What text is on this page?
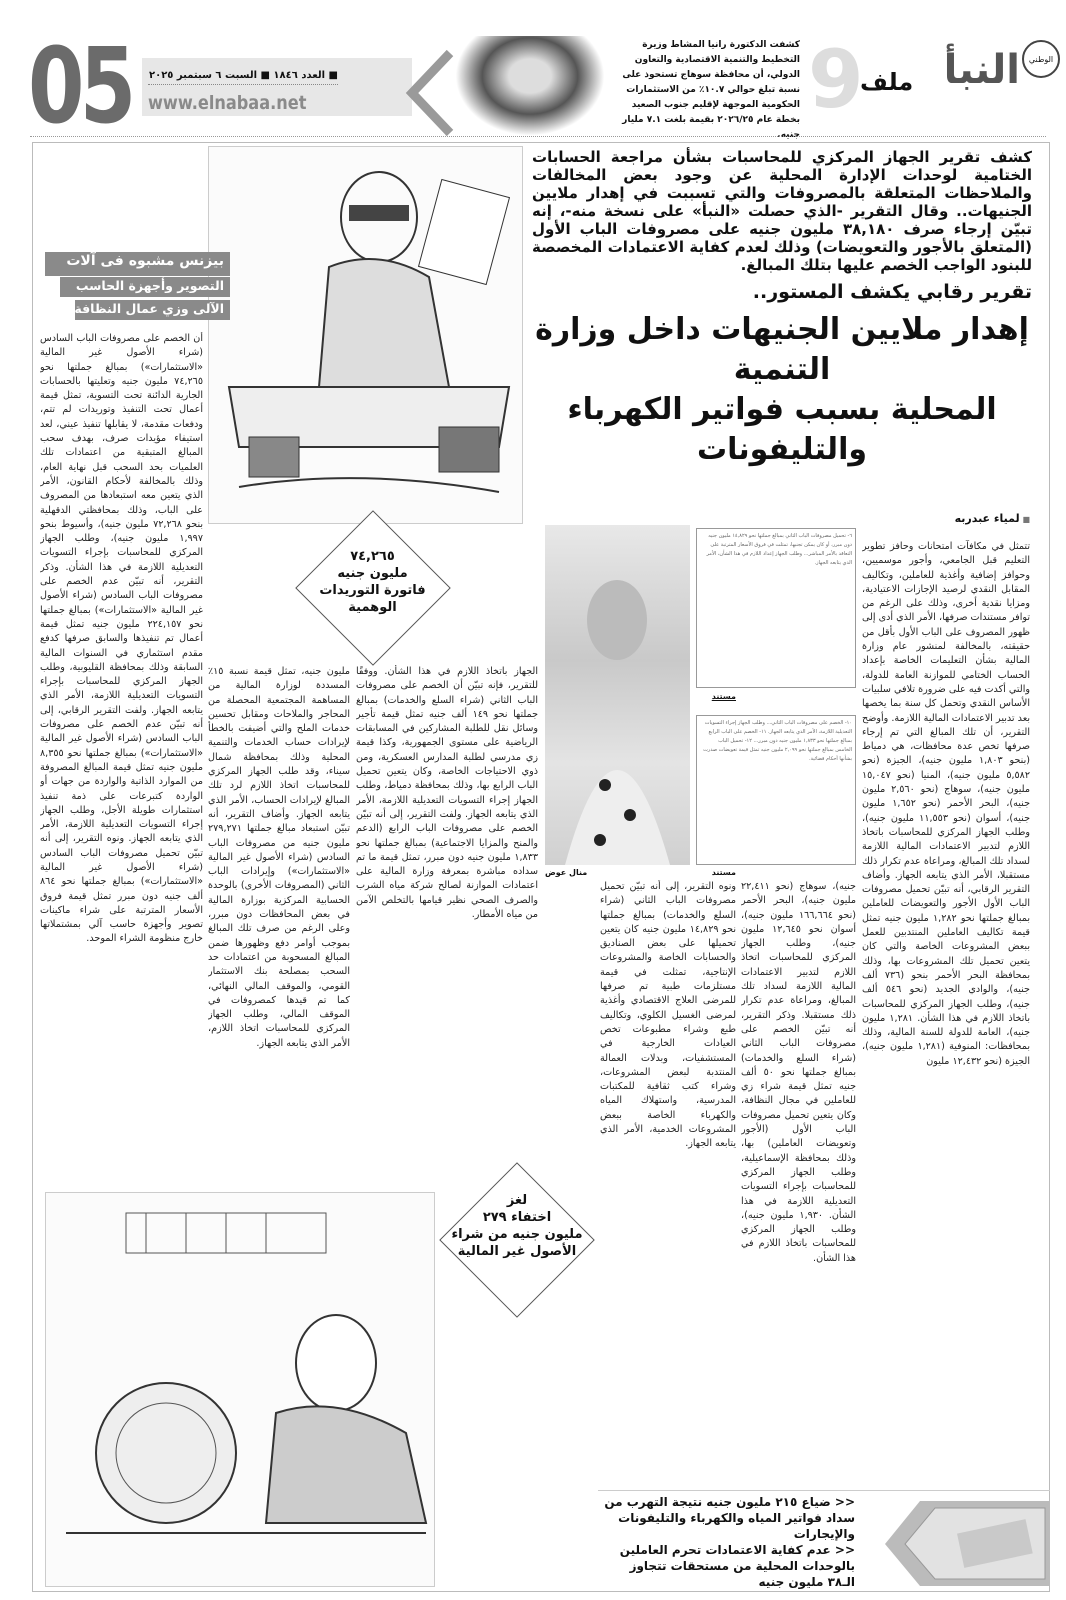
05 ■ العدد ١٨٤٦ ■ السبت ٦ سبتمبر ٢٠٢٥
www.elnabaa.net
كشفت الدكتورة رانيا المشاط وزيرة التخطيط والتنمية الاقتصادية والتعاون الدولي، أن محافظة سوهاج تستحوذ على نسبة تبلغ حوالي ١٠.٧٪ من الاستثمارات الحكومية الموجهة لإقليم جنوب الصعيد بخطة عام ٢٠٢٦/٢٥ بقيمة بلغت ٧.١ مليار جنيه.
9
ملف النبأ	الوطني
كشف تقرير الجهاز المركزي للمحاسبات بشأن مراجعة الحسابات الختامية لوحدات الإدارة المحلية عن وجود بعض المخالفات والملاحظات المتعلقة بالمصروفات والتي تسببت في إهدار ملايين الجنيهات.. وقال التقرير -الذي حصلت «النبأ» على نسخة منه-، إنه تبيّن إرجاء صرف ٣٨,١٨٠ مليون جنيه على مصروفات الباب الأول (المتعلق بالأجور والتعويضات) وذلك لعدم كفاية الاعتمادات المخصصة للبنود الواجب الخصم عليها بتلك المبالغ.
تقرير رقابي يكشف المستور..
إهدار ملايين الجنيهات داخل وزارة التنمية
المحلية بسبب فواتير الكهرباء والتليفونات
بيزنس مشبوه فى آلات
التصوير وأجهزة الحاسب
الآلى وزي عمال النظافة
■ لمياء عبدربه
أن الخصم على مصروفات الباب السادس (شراء الأصول غير المالية «الاستثمارات») بمبالغ جملتها نحو ٧٤,٢٦٥ مليون جنيه وتعليتها بالحسابات الجارية الدائنة تحت التسوية، تمثل قيمة أعمال تحت التنفيذ وتوريدات لم تتم، ودفعات مقدمة، لا يقابلها تنفيذ عيني، لعد استيفاء مؤيدات صرف، بهدف سحب المبالغ المتبقية من اعتمادات تلك العلميات بحد السحب قبل نهاية العام، وذلك بالمخالفة لأحكام القانون، الأمر الذي يتعين معه استبعادها من المصروف على الباب، وذلك بمحافظتي الدقهلية بنحو ٧٢,٢٦٨ مليون جنيه)، وأسيوط بنحو ١,٩٩٧ مليون جنيه)، وطلب الجهاز المركزي للمحاسبات بإجراء التسويات التعديلية اللازمة في هذا الشأن. وذكر التقرير، أنه تبيّن عدم الخصم على مصروفات الباب السادس (شراء الأصول غير المالية «الاستثمارات») بمبالغ جملتها نحو ٢٢٤,١٥٧ مليون جنيه تمثل قيمة أعمال تم تنفيذها والسابق صرفها كدفع مقدم استثماري في السنوات المالية السابقة وذلك بمحافظة القليوبية، وطلب الجهاز المركزي للمحاسبات بإجراء التسويات التعديلية اللازمة، الأمر الذي يتابعه الجهاز. ولفت التقرير الرقابي، إلى أنه تبيّن عدم الخصم على مصروفات الباب السادس (شراء الأصول غير المالية «الاستثمارات») بمبالغ جملتها نحو ٨,٣٥٥ مليون جنيه تمثل قيمة المبالغ المصروفة من الموارد الذاتية والواردة من جهات أو الواردة كتبرعات على ذمة تنفيذ استثمارات طويلة الأجل، وطلب الجهاز إجراء التسويات التعديلية اللازمة، الأمر الذي يتابعه الجهاز. ونوه التقرير، إلى أنه تبيّن تحميل مصروفات الباب السادس (شراء الأصول غير المالية «الاستثمارات») بمبالغ جملتها نحو ٨٦٤ ألف جنيه دون مبرر تمثل قيمة فروق الأسعار المترتبة على شراء ماكينات تصوير وأجهزة حاسب آلي بمشتملاتها خارج منظومة الشراء الموحد.
مليون جنيه، تمثل قيمة نسبة ١٥٪ المسددة لوزارة المالية من المساهمة المجتمعية المحصلة من المحاجر والملاحات ومقابل تحسين خدمات الملح والتي أضيفت بالخطأ لإيرادات حساب الخدمات والتنمية المحلية وذلك بمحافظة شمال سيناء، وقد طلب الجهاز المركزي للمحاسبات اتخاذ اللازم لرد تلك المبالغ لإيرادات الحساب، الأمر الذي يتابعه الجهاز. وأضاف التقرير، أنه تبيّن استبعاد مبالغ جملتها ٢٧٩,٢٧١ مليون جنيه من مصروفات الباب السادس (شراء الأصول غير المالية «الاستثمارات») وإيرادات الباب الثاني (المصروفات الأخرى) بالوحدة الحسابية المركزية بوزارة المالية في بعض المحافظات دون مبرر، وعلى الرغم من صرف تلك المبالغ بموجب أوامر دفع وظهورها ضمن المبالغ المسحوبة من اعتمادات حد السحب بمصلحة بنك الاستثمار القومي، والموقف المالي النهائي، كما تم قيدها كمصروفات في الموقف المالي، وطلب الجهاز المركزي للمحاسبات اتخاذ اللازم، الأمر الذي يتابعه الجهاز.
الجهاز باتخاذ اللازم في هذا الشأن. ووفقًا للتقرير، فإنه تبيّن أن الخصم على مصروفات الباب الثاني (شراء السلع والخدمات) بمبالغ جملتها نحو ١٤٩ ألف جنيه تمثل قيمة تأجير وسائل نقل للطلبة المشاركين في المسابقات الرياضية على مستوى الجمهورية، وكذا قيمة زي مدرسي لطلبة المدارس العسكرية، ومن ذوي الاحتياجات الخاصة، وكان يتعين تحميل الباب الرابع بها، وذلك بمحافظة دمياط، وطلب الجهاز إجراء التسويات التعديلية اللازمة، الأمر الذي يتابعه الجهاز. ولفت التقرير، إلى أنه تبيّن الخصم على مصروفات الباب الرابع (الدعم والمنح والمزايا الاجتماعية) بمبالغ جملتها نحو ١,٨٣٣ مليون جنيه دون مبرر، تمثل قيمة ما تم سداده مباشرة بمعرفة وزارة المالية على اعتمادات الموازنة لصالح شركة مياه الشرب والصرف الصحي نظير قيامها بالتخلص الآمن من مياه الأمطار.
ونوه التقرير، إلى أنه تبيّن تحميل مصروفات الباب الثاني (شراء السلع والخدمات) بمبالغ جملتها نحو ١٤,٨٢٩ مليون جنيه كان يتعين تحميلها على بعض الصناديق والحسابات الخاصة والمشروعات الإنتاجية، تمثلت في قيمة مستلزمات طبية تم صرفها للمرضى العلاج الاقتصادي وأغذية لمرضى الغسيل الكلوي، وتكاليف طبع وشراء مطبوعات تخص العيادات الخارجية في المستشفيات، وبدلات العمالة المنتدبة لبعض المشروعات، وشراء كتب ثقافية للمكتبات المدرسية، واستهلاك المياه والكهرباء الخاصة ببعض المشروعات الخدمية، الأمر الذي يتابعه الجهاز.
جنيه)، سوهاج (نحو ٢٢,٤١١ مليون جنيه)، البحر الأحمر (نحو ١٦٦,٦٦٤ مليون جنيه)، أسوان نحو ١٢,٦٤٥ مليون جنيه)، وطلب الجهاز المركزي للمحاسبات اتخاذ اللازم لتدبير الاعتمادات المالية اللازمة لسداد تلك المبالغ، ومراعاة عدم تكرار ذلك مستقبلا. وذكر التقرير، أنه تبيّن الخصم على مصروفات الباب الثاني (شراء السلع والخدمات) بمبالغ جملتها نحو ٥٠ ألف جنيه تمثل قيمة شراء زي للعاملين في مجال النظافة، وكان يتعين تحميل مصروفات الباب الأول (الأجور وتعويضات العاملين) بها، وذلك بمحافظة الإسماعيلية، وطلب الجهاز المركزي للمحاسبات بإجراء التسويات التعديلية اللازمة في هذا الشأن. ١,٩٣٠ مليون جنيه)، وطلب الجهاز المركزي للمحاسبات باتخاذ اللازم في هذا الشأن.
تتمثل في مكافآت امتحانات وحافز تطوير التعليم قبل الجامعي، وأجور موسميين، وحوافز إضافية وأغذية للعاملين، وتكاليف المقابل النقدي لرصيد الإجازات الاعتيادية، ومزايا نقدية أخرى، وذلك على الرغم من توافر مستندات صرفها، الأمر الذي أدى إلى ظهور المصروف على الباب الأول بأقل من حقيقته، بالمخالفة لمنشور عام وزارة المالية بشأن التعليمات الخاصة بإعداد الحساب الختامي للموازنة العامة للدولة، والتي أكدت فيه على ضرورة تلافي سلبيات الأساس النقدي وتحمل كل سنة بما يخصها بعد تدبير الاعتمادات المالية اللازمة. وأوضح التقرير، أن تلك المبالغ التي تم إرجاء صرفها تخص عدة محافظات، هي دمياط (بنحو ١,٨٠٣ مليون جنيه)، الجيزة (نحو ٥,٥٨٢ مليون جنيه)، المنيا (نحو ١٥,٠٤٧ مليون جنيه)، سوهاج (نحو ٢,٥٦٠ مليون جنيه)، البحر الأحمر (نحو ١,٦٥٢ مليون جنيه)، أسوان (نحو ١١,٥٥٣ مليون جنيه)، وطلب الجهاز المركزي للمحاسبات باتخاذ اللازم لتدبير الاعتمادات المالية اللازمة لسداد تلك المبالغ، ومراعاة عدم تكرار ذلك مستقبلا، الأمر الذي يتابعه الجهاز. وأضاف التقرير الرقابي، أنه تبيّن تحميل مصروفات الباب الأول الأجور والتعويضات للعاملين بمبالغ جملتها نحو ١,٢٨٢ مليون جنيه تمثل قيمة تكاليف العاملين المنتدبين للعمل ببعض المشروعات الخاصة والتي كان يتعين تحميل تلك المشروعات بها، وذلك بمحافظة البحر الأحمر بنحو (٧٣٦ ألف جنيه)، والوادي الجديد (نحو ٥٤٦ ألف جنيه)، وطلب الجهاز المركزي للمحاسبات باتخاذ اللازم في هذا الشأن. ١,٢٨١ مليون جنيه)، العامة للدولة للسنة المالية، وذلك بمحافظات: المنوفية (١,٢٨١ مليون جنيه)، الجيزة (نحو ١٢,٤٣٢ مليون
٧٤,٢٦٥
مليون جنيه
فاتورة التوريدات الوهمية
منال عوض
٦- تحميل مصروفات الباب الثاني بمبالغ جملتها نحو ١٤,٨٢٩ مليون جنيه دون مبرر، أو كان يمكن تجنبها، تمثلت في فروق الأسعار المترتبة على التعاقد بالأمر المباشر... وطلب الجهاز إعداد اللازم في هذا الشأن، الأمر الذي يتابعه الجهاز.
مستند
١٠- الخصم على مصروفات الباب الثاني... وطلب الجهاز إجراء التسويات التعديلية اللازمة، الأمر الذي يتابعه الجهاز. ١١- الخصم على الباب الرابع بمبالغ جملتها نحو ١,٨٣٣ مليون جنيه دون مبرر... ١٢- تحميل الباب الخامس بمبالغ جملتها نحو ٢,٠٩٩ مليون جنيه تمثل قيمة تعويضات صدرت بشأنها أحكام قضائية.
مستند
لغز
اختفاء ٢٧٩
مليون جنيه من شراء الأصول غير المالية
<< ضياع ٢١٥ مليون جنيه نتيجة التهرب من سداد فواتير المياه والكهرباء والتليفونات والإيجارات
<< عدم كفاية الاعتمادات تحرم العاملين بالوحدات المحلية من مستحقات تتجاوز الـ٣٨ مليون جنيه
